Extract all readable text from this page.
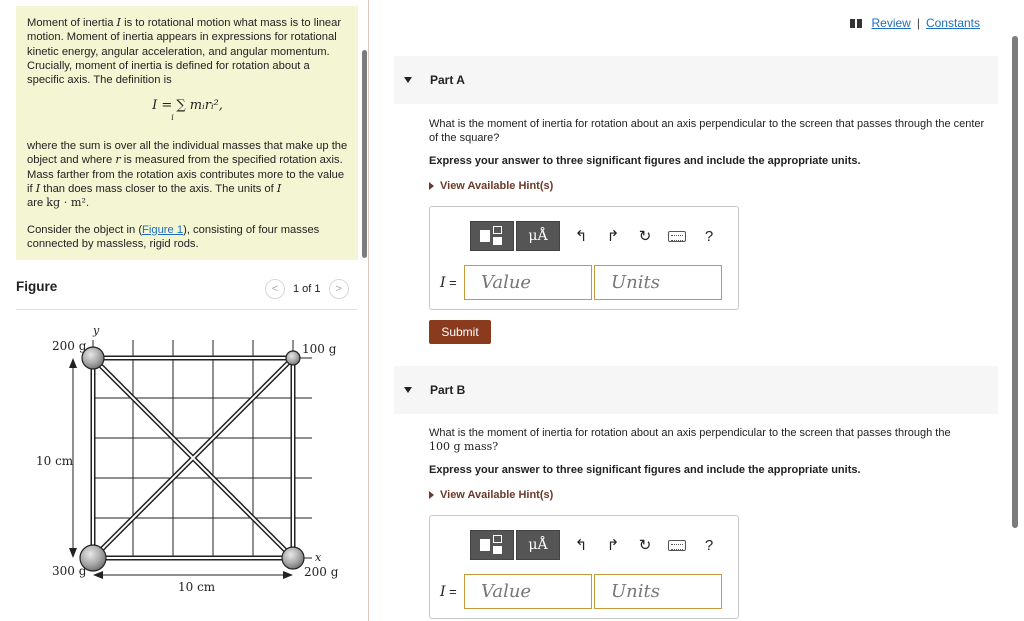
Moment of inertia I is to rotational motion what mass is to linear motion. Moment of inertia appears in expressions for rotational kinetic energy, angular acceleration, and angular momentum. Crucially, moment of inertia is defined for rotation about a specific axis. The definition is

I = ∑ mᵢrᵢ²,
i

where the sum is over all the individual masses that make up the object and where r is measured from the specified rotation axis. Mass farther from the rotation axis contributes more to the value if I than does mass closer to the axis. The units of I
are kg · m².

Consider the object in (Figure 1), consisting of four masses connected by massless, rigid rods.

Figure	< 1 of 1 >
200 g	100 g
300 g	200 g
10 cm
10 cm
y
x
Review | Constants
Part A
What is the moment of inertia for rotation about an axis perpendicular to the screen that passes through the center of the square?
Express your answer to three significant figures and include the appropriate units.
View Available Hint(s)
μÅ ↰ ↱ ↻	?
I =	Value	Units
Submit
Part B
What is the moment of inertia for rotation about an axis perpendicular to the screen that passes through the
100 g mass?
Express your answer to three significant figures and include the appropriate units.
View Available Hint(s)
μÅ ↰ ↱ ↻	?
I =	Value	Units
